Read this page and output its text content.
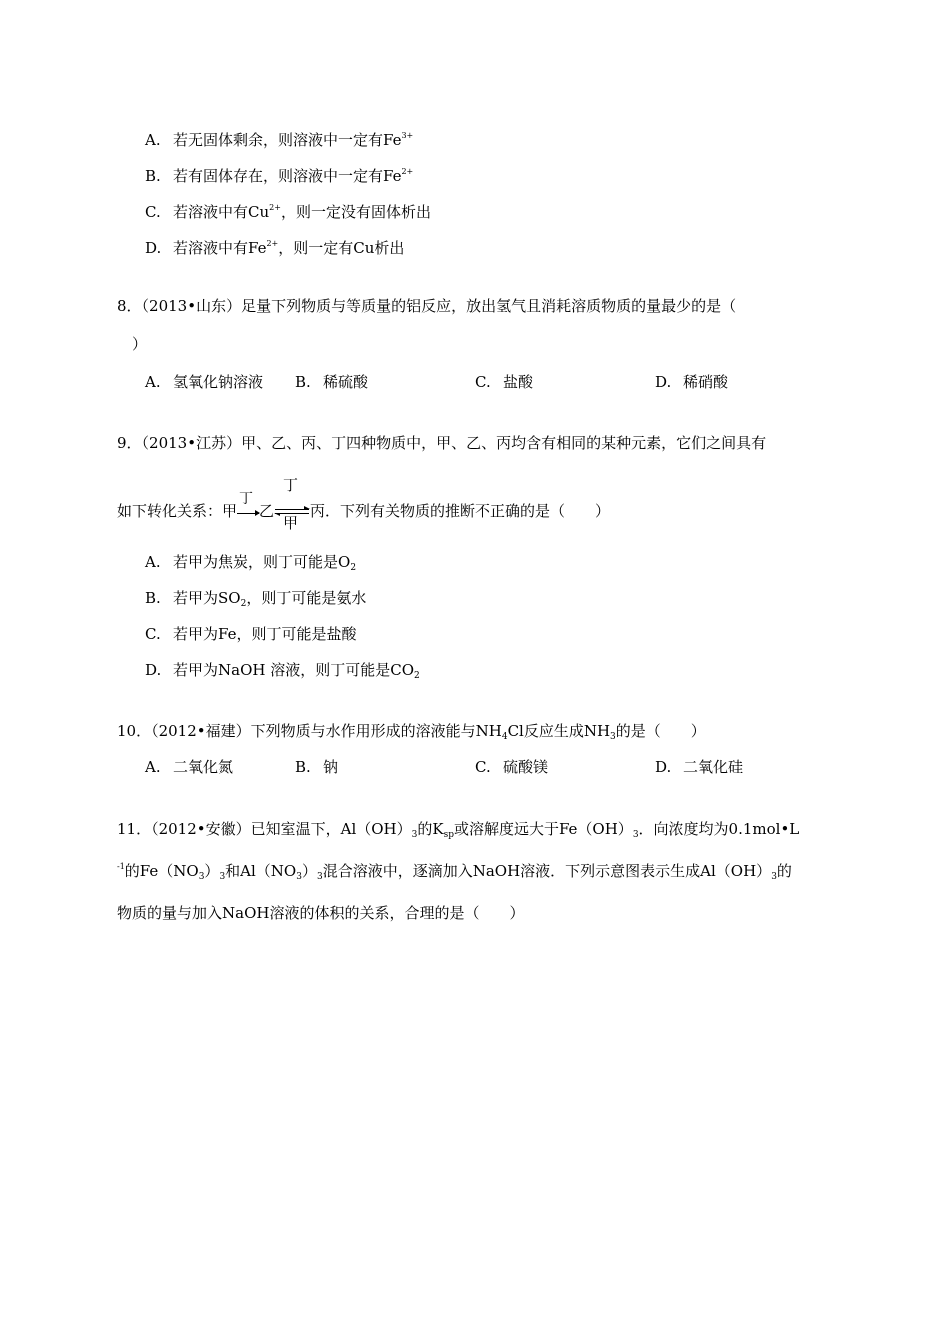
A. 若无固体剩余，则溶液中一定有$Fe^{3+}$
B. 若有固体存在，则溶液中一定有$Fe^{2+}$
C. 若溶液中有$Cu^{2+}$，则一定没有固体析出
D. 若溶液中有$Fe^{2+}$，则一定有Cu析出
8．（2013•山东）足量下列物质与等质量的铝反应，放出氢气且消耗溶质物质的量最少的是（
）
A. 氢氧化钠溶液 B. 稀硫酸	C. 盐酸	D. 稀硝酸
9．（2013•江苏）甲、乙、丙、丁四种物质中，甲、乙、丙均含有相同的某种元素，它们之间具有
如下转化关系：甲
丁
乙
丁
甲
丙．下列有关物质的推断不正确的是（　　）
A. 若甲为焦炭，则丁可能是$O_2$
B. 若甲为$SO_2$，则丁可能是氨水
C. 若甲为Fe，则丁可能是盐酸
D. 若甲为NaOH 溶液，则丁可能是$CO_2$
10．（2012•福建）下列物质与水作用形成的溶液能与$NH_4Cl$反应生成$NH_3$的是（　　）
A. 二氧化氮	B. 钠	C. 硫酸镁	D. 二氧化硅
11．（2012•安徽）已知室温下，$Al(OH)_3$的$K_{sp}$或溶解度远大于$Fe(OH)_3$．向浓度均为0.1mol•L
$^{-1}$的$Fe(NO_3)_3$和$Al(NO_3)_3$混合溶液中，逐滴加入NaOH溶液．下列示意图表示生成$Al(OH)_3$的
物质的量与加入NaOH溶液的体积的关系，合理的是（　　）
